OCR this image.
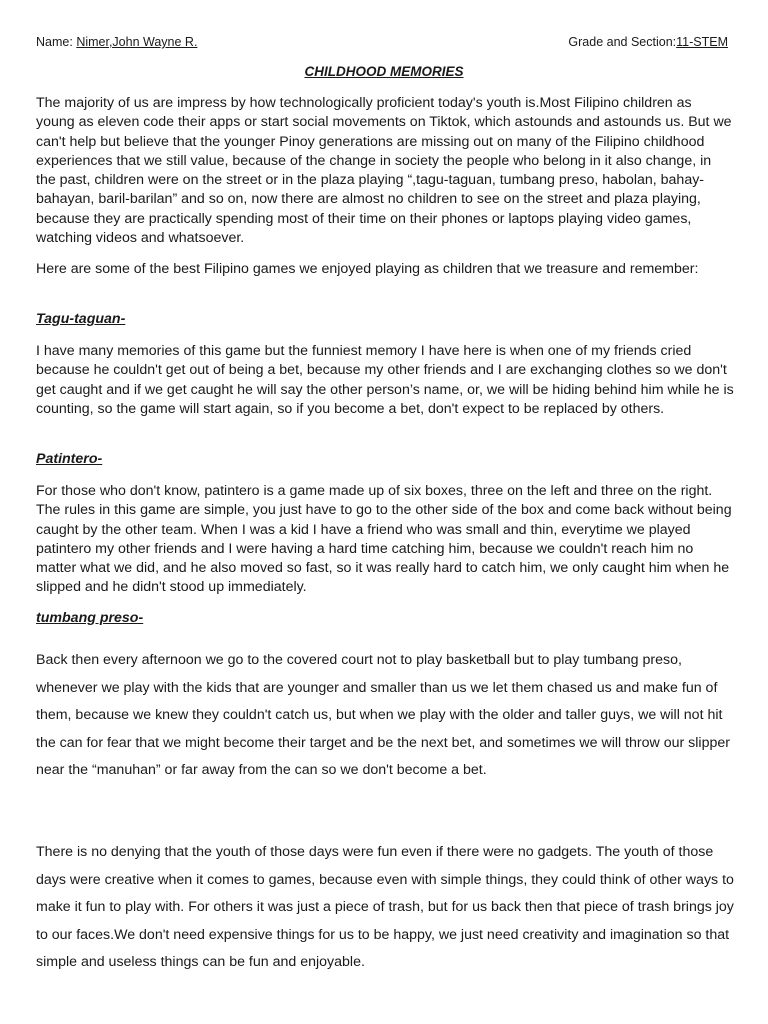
Name: Nimer,John Wayne R.	Grade and Section:11-STEM
CHILDHOOD MEMORIES

The majority of us are impress by how technologically proficient today's youth is.Most Filipino children as young as eleven code their apps or start social movements on Tiktok, which astounds and astounds us. But we can't help but believe that the younger Pinoy generations are missing out on many of the Filipino childhood experiences that we still value, because of the change in society the people who belong in it also change, in the past, children were on the street or in the plaza playing “,tagu-taguan, tumbang preso, habolan, bahay-bahayan, baril-barilan” and so on, now there are almost no children to see on the street and plaza playing, because they are practically spending most of their time on their phones or laptops playing video games, watching videos and whatsoever.

Here are some of the best Filipino games we enjoyed playing as children that we treasure and remember:

Tagu-taguan-

I have many memories of this game but the funniest memory I have here is when one of my friends cried because he couldn't get out of being a bet, because my other friends and I are exchanging clothes so we don't get caught and if we get caught he will say the other person’s name, or, we will be hiding behind him while he is counting, so the game will start again, so if you become a bet, don't expect to be replaced by others.

Patintero-

For those who don't know, patintero is a game made up of six boxes, three on the left and three on the right. The rules in this game are simple, you just have to go to the other side of the box and come back without being caught by the other team. When I was a kid I have a friend who was small and thin, everytime we played patintero my other friends and I were having a hard time catching him, because we couldn't reach him no matter what we did, and he also moved so fast, so it was really hard to catch him, we only caught him when he slipped and he didn't stood up immediately.

tumbang preso-

Back then every afternoon we go to the covered court not to play basketball but to play tumbang preso, whenever we play with the kids that are younger and smaller than us we let them chased us and make fun of them, because we knew they couldn't catch us, but when we play with the older and taller guys, we will not hit the can for fear that we might become their target and be the next bet, and sometimes we will throw our slipper near the “manuhan” or far away from the can so we don't become a bet.

There is no denying that the youth of those days were fun even if there were no gadgets. The youth of those days were creative when it comes to games, because even with simple things, they could think of other ways to make it fun to play with. For others it was just a piece of trash, but for us back then that piece of trash brings joy to our faces.We don't need expensive things for us to be happy, we just need creativity and imagination so that simple and useless things can be fun and enjoyable.
